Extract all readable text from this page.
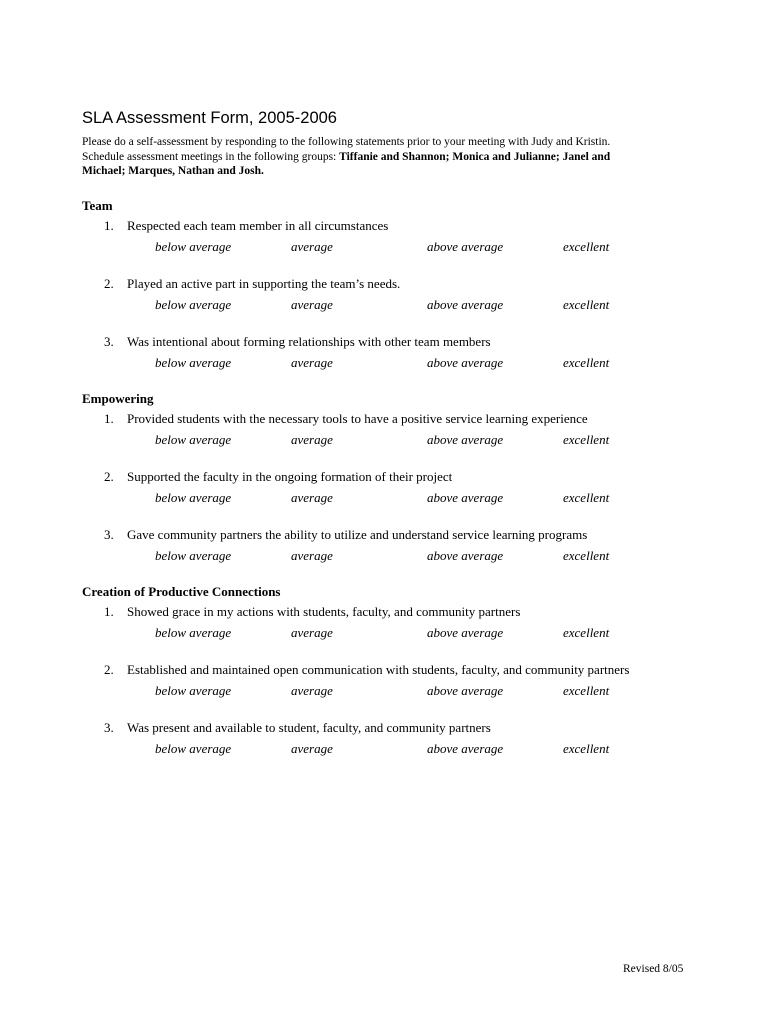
SLA Assessment Form, 2005-2006

Please do a self-assessment by responding to the following statements prior to your meeting with Judy and Kristin.
Schedule assessment meetings in the following groups: Tiffanie and Shannon; Monica and Julianne; Janel and
Michael; Marques, Nathan and Josh.

Team
1. Respected each team member in all circumstances
below average	average	above average	excellent
2. Played an active part in supporting the team’s needs.
below average	average	above average	excellent
3. Was intentional about forming relationships with other team members
below average	average	above average	excellent
Empowering
1. Provided students with the necessary tools to have a positive service learning experience
below average	average	above average	excellent
2. Supported the faculty in the ongoing formation of their project
below average	average	above average	excellent
3. Gave community partners the ability to utilize and understand service learning programs
below average	average	above average	excellent
Creation of Productive Connections
1. Showed grace in my actions with students, faculty, and community partners
below average	average	above average	excellent
2. Established and maintained open communication with students, faculty, and community partners
below average	average	above average	excellent
3. Was present and available to student, faculty, and community partners
below average	average	above average	excellent
Revised 8/05
